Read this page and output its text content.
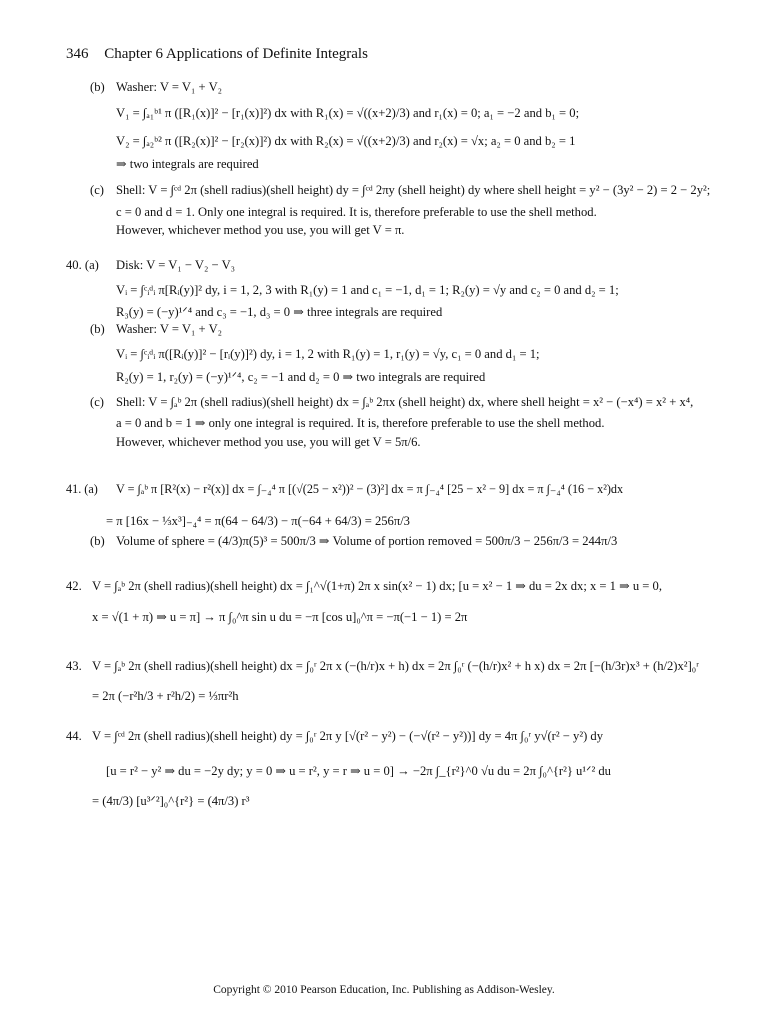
346 Chapter 6 Applications of Definite Integrals
(b) Washer: V = V₁ + V₂
V₁ = ∫ₐ₁ᵇ¹ π ([R₁(x)]² − [r₁(x)]²) dx with R₁(x) = √((x+2)/3) and r₁(x) = 0; a₁ = −2 and b₁ = 0;
V₂ = ∫ₐ₂ᵇ² π ([R₂(x)]² − [r₂(x)]²) dx with R₂(x) = √((x+2)/3) and r₂(x) = √x; a₂ = 0 and b₂ = 1
⇒ two integrals are required
(c) Shell: V = ∫ᶜᵈ 2π (shell radius)(shell height) dy = ∫ᶜᵈ 2πy (shell height) dy where shell height = y² − (3y² − 2) = 2 − 2y²;
c = 0 and d = 1. Only one integral is required. It is, therefore preferable to use the shell method.
However, whichever method you use, you will get V = π.
40. (a) Disk: V = V₁ − V₂ − V₃
Vᵢ = ∫ᶜᵢᵈᵢ π[Rᵢ(y)]² dy, i = 1, 2, 3 with R₁(y) = 1 and c₁ = −1, d₁ = 1; R₂(y) = √y and c₂ = 0 and d₂ = 1;
R₃(y) = (−y)¹ᐟ⁴ and c₃ = −1, d₃ = 0 ⇒ three integrals are required
(b) Washer: V = V₁ + V₂
Vᵢ = ∫ᶜᵢᵈᵢ π([Rᵢ(y)]² − [rᵢ(y)]²) dy, i = 1, 2 with R₁(y) = 1, r₁(y) = √y, c₁ = 0 and d₁ = 1;
R₂(y) = 1, r₂(y) = (−y)¹ᐟ⁴, c₂ = −1 and d₂ = 0 ⇒ two integrals are required
(c) Shell: V = ∫ₐᵇ 2π (shell radius)(shell height) dx = ∫ₐᵇ 2πx (shell height) dx, where shell height = x² − (−x⁴) = x² + x⁴,
a = 0 and b = 1 ⇒ only one integral is required. It is, therefore preferable to use the shell method.
However, whichever method you use, you will get V = 5π/6.
41. (a) V = ∫ₐᵇ π [R²(x) − r²(x)] dx = ∫₋₄⁴ π [(√(25 − x²))² − (3)²] dx = π ∫₋₄⁴ [25 − x² − 9] dx = π ∫₋₄⁴ (16 − x²)dx
= π [16x − ⅓x³]₋₄⁴ = π(64 − 64/3) − π(−64 + 64/3) = 256π/3
(b) Volume of sphere = (4/3)π(5)³ = 500π/3 ⇒ Volume of portion removed = 500π/3 − 256π/3 = 244π/3
42. V = ∫ₐᵇ 2π (shell radius)(shell height) dx = ∫₁^√(1+π) 2π x sin(x² − 1) dx; [u = x² − 1 ⇒ du = 2x dx; x = 1 ⇒ u = 0,
x = √(1 + π) ⇒ u = π] → π ∫₀^π sin u du = −π [cos u]₀^π = −π(−1 − 1) = 2π
43. V = ∫ₐᵇ 2π (shell radius)(shell height) dx = ∫₀ʳ 2π x (−(h/r)x + h) dx = 2π ∫₀ʳ (−(h/r)x² + h x) dx = 2π [−(h/3r)x³ + (h/2)x²]₀ʳ
= 2π (−r²h/3 + r²h/2) = ⅓πr²h
44. V = ∫ᶜᵈ 2π (shell radius)(shell height) dy = ∫₀ʳ 2π y [√(r² − y²) − (−√(r² − y²))] dy = 4π ∫₀ʳ y√(r² − y²) dy
[u = r² − y² ⇒ du = −2y dy; y = 0 ⇒ u = r², y = r ⇒ u = 0] → −2π ∫_{r²}^0 √u du = 2π ∫₀^{r²} u¹ᐟ² du
= (4π/3) [u³ᐟ²]₀^{r²} = (4π/3) r³
Copyright © 2010 Pearson Education, Inc. Publishing as Addison-Wesley.
